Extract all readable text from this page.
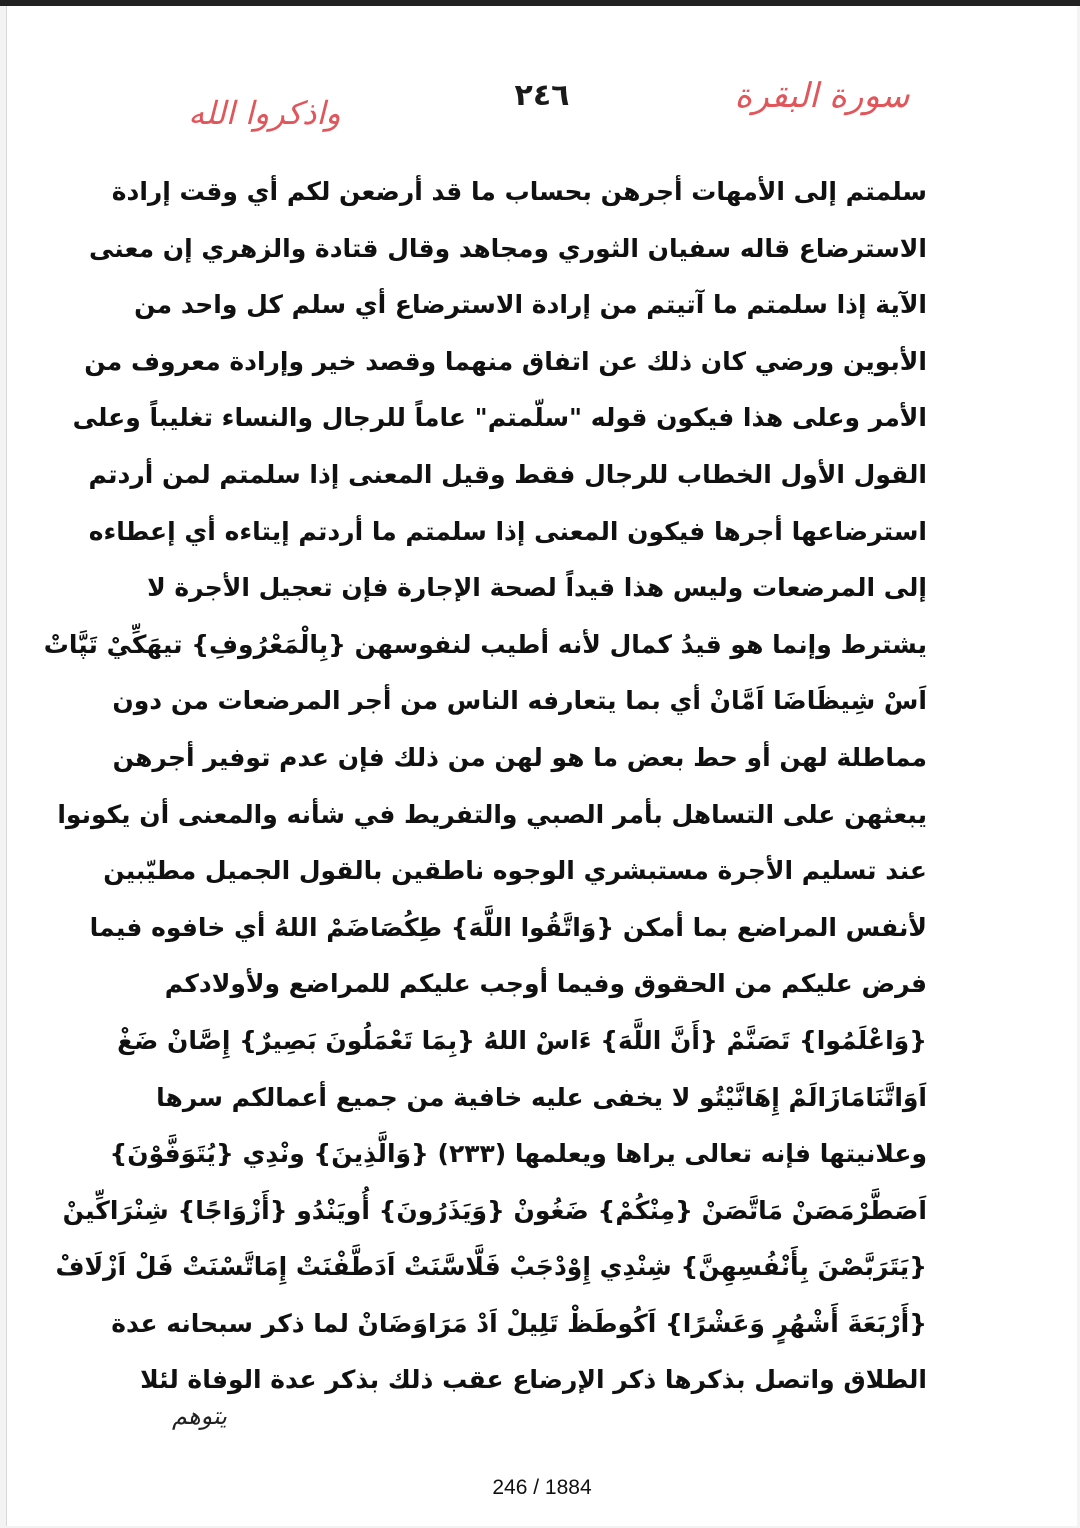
سورة البقرة
٢٤٦
واذكروا الله
سلمتم إلى الأمهات أجرهن بحساب ما قد أرضعن لكم أي وقت إرادة
الاسترضاع قاله سفيان الثوري ومجاهد وقال قتادة والزهري إن معنى
الآية إذا سلمتم ما آتيتم من إرادة الاسترضاع أي سلم كل واحد من
الأبوين ورضي كان ذلك عن اتفاق منهما وقصد خير وإرادة معروف من
الأمر وعلى هذا فيكون قوله "سلّمتم" عاماً للرجال والنساء تغليباً وعلى
القول الأول الخطاب للرجال فقط وقيل المعنى إذا سلمتم لمن أردتم
استرضاعها أجرها فيكون المعنى إذا سلمتم ما أردتم إيتاءه أي إعطاءه
إلى المرضعات وليس هذا قيداً لصحة الإجارة فإن تعجيل الأجرة لا
يشترط وإنما هو قيدُ كمال لأنه أطيب لنفوسهن {بِالْمَعْرُوفِ} تيهَكِّيْ تَپَّاتْ
اَسْ شِيظَاضَا اَمَّانْ أي بما يتعارفه الناس من أجر المرضعات من دون
مماطلة لهن أو حط بعض ما هو لهن من ذلك فإن عدم توفير أجرهن
يبعثهن على التساهل بأمر الصبي والتفريط في شأنه والمعنى أن يكونوا
عند تسليم الأجرة مستبشري الوجوه ناطقين بالقول الجميل مطيّبين
لأنفس المراضع بما أمكن {وَاتَّقُوا اللَّهَ} طِكُصَاضَمْ اللهُ أي خافوه فيما
فرض عليكم من الحقوق وفيما أوجب عليكم للمراضع ولأولادكم
{وَاعْلَمُوا} تَصَنَّمْ {أَنَّ اللَّهَ} ءَاسْ اللهُ {بِمَا تَعْمَلُونَ بَصِيرٌ} إِصَّانْ ضَغْ
اَوَاتَّنَامَازَالَمْ إِهَانَّيْتُو لا يخفى عليه خافية من جميع أعمالكم سرها
وعلانيتها فإنه تعالى يراها ويعلمها (٢٣٣) {وَالَّذِينَ} ونْدِي {يُتَوَفَّوْنَ}
اَصَطَّرْمَصَنْ مَاتَّصَنْ {مِنْكُمْ} ضَغُونْ {وَيَذَرُونَ} أُويَنْدُو {أَزْوَاجًا} شِنْرَاكِّينْ
{يَتَرَبَّصْنَ بِأَنْفُسِهِنَّ} شِنْدِي إِوْدْجَبْ فَلَّاسَّنَتْ اَدَطَّفْنَتْ إِمَاتَّسْنَتْ فَلْ اَزْلَافْ
{أَرْبَعَةَ أَشْهُرٍ وَعَشْرًا} اَكُوطَظْ تَلِيلْ اَدْ مَرَاوَضَانْ لما ذكر سبحانه عدة
الطلاق واتصل بذكرها ذكر الإرضاع عقب ذلك بذكر عدة الوفاة لئلا
يتوهم
246 / 1884
